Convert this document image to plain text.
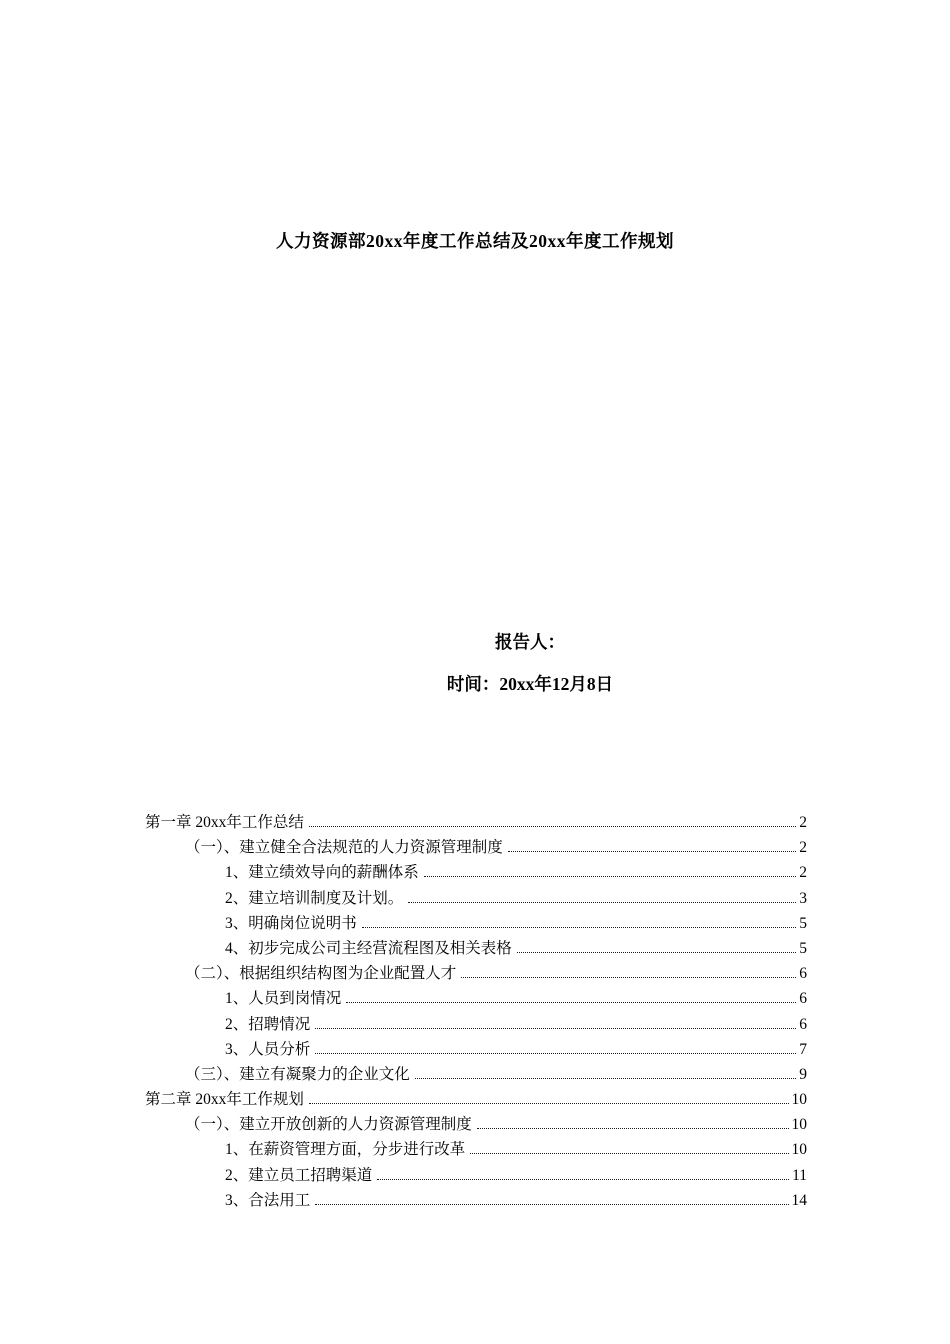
人力资源部20xx年度工作总结及20xx年度工作规划
报告人：
时间：20xx年12月8日
第一章 20xx年工作总结	2
（一）、建立健全合法规范的人力资源管理制度	2
1、建立绩效导向的薪酬体系	2
2、建立培训制度及计划。	3
3、明确岗位说明书	5
4、初步完成公司主经营流程图及相关表格	5
（二）、根据组织结构图为企业配置人才	6
1、人员到岗情况	6
2、招聘情况	6
3、人员分析	7
（三）、建立有凝聚力的企业文化	9
第二章 20xx年工作规划	10
（一）、建立开放创新的人力资源管理制度	10
1、在薪资管理方面，分步进行改革	10
2、建立员工招聘渠道	11
3、合法用工	14
